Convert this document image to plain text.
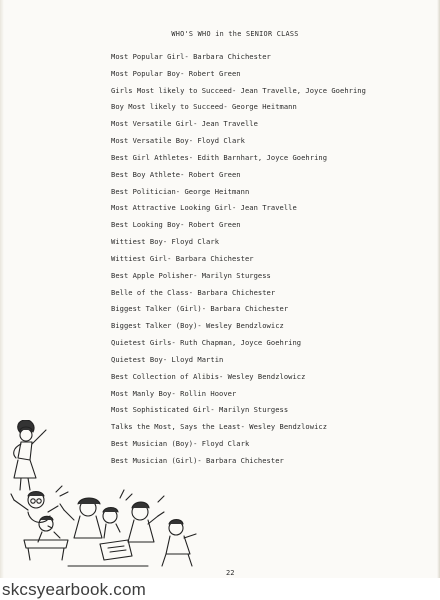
WHO'S WHO in the SENIOR CLASS
Most Popular Girl- Barbara Chichester
Most Popular Boy- Robert Green
Girls Most likely to Succeed- Jean Travelle, Joyce Goehring
Boy Most likely to Succeed- George Heitmann
Most Versatile Girl- Jean Travelle
Most Versatile Boy- Floyd Clark
Best Girl Athletes- Edith Barnhart, Joyce Goehring
Best Boy Athlete- Robert Green
Best Politician- George Heitmann
Most Attractive Looking Girl- Jean Travelle
Best Looking Boy- Robert Green
Wittiest Boy- Floyd Clark
Wittiest Girl- Barbara Chichester
Best Apple Polisher- Marilyn Sturgess
Belle of the Class- Barbara Chichester
Biggest Talker (Girl)- Barbara Chichester
Biggest Talker (Boy)- Wesley Bendzlowicz
Quietest Girls- Ruth Chapman, Joyce Goehring
Quietest Boy- Lloyd Martin
Best Collection of Alibis- Wesley Bendzlowicz
Most Manly Boy- Rollin Hoover
Most Sophisticated Girl- Marilyn Sturgess
Talks the Most, Says the Least- Wesley Bendzlowicz
Best Musician (Boy)- Floyd Clark
Best Musician (Girl)- Barbara Chichester
22
skcsyearbook.com
